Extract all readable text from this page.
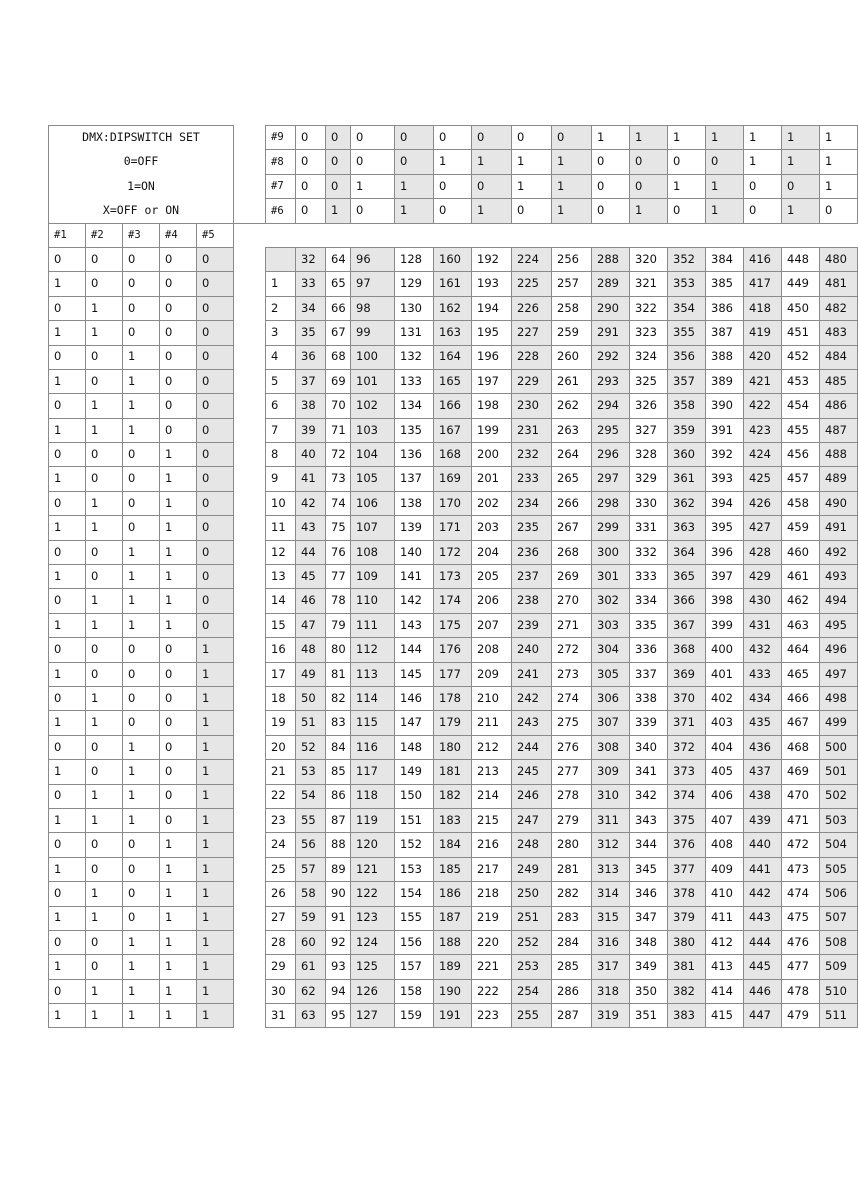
DMX:DIPSWITCH SET						#9	0	0	0	0	0	0	0	0	1	1	1	1	1	1	1	
0=OFF						#8	0	0	0	0	1	1	1	1	0	0	0	0	1	1	1	
1=ON						#7	0	0	1	1	0	0	1	1	0	0	1	1	0	0	1	
X=OFF or ON						#6	0	1	0	1	0	1	0	1	0	1	0	1	0	1	0	
#1	#2	#3	#4	#5																		
0	0	0	0	0			32	64	96	128	160	192	224	256	288	320	352	384	416	448	480	
1	0	0	0	0		1	33	65	97	129	161	193	225	257	289	321	353	385	417	449	481	
0	1	0	0	0		2	34	66	98	130	162	194	226	258	290	322	354	386	418	450	482	
1	1	0	0	0		3	35	67	99	131	163	195	227	259	291	323	355	387	419	451	483	
0	0	1	0	0		4	36	68	100	132	164	196	228	260	292	324	356	388	420	452	484	
1	0	1	0	0		5	37	69	101	133	165	197	229	261	293	325	357	389	421	453	485	
0	1	1	0	0		6	38	70	102	134	166	198	230	262	294	326	358	390	422	454	486	
1	1	1	0	0		7	39	71	103	135	167	199	231	263	295	327	359	391	423	455	487	
0	0	0	1	0		8	40	72	104	136	168	200	232	264	296	328	360	392	424	456	488	
1	0	0	1	0		9	41	73	105	137	169	201	233	265	297	329	361	393	425	457	489	
0	1	0	1	0		10	42	74	106	138	170	202	234	266	298	330	362	394	426	458	490	
1	1	0	1	0		11	43	75	107	139	171	203	235	267	299	331	363	395	427	459	491	
0	0	1	1	0		12	44	76	108	140	172	204	236	268	300	332	364	396	428	460	492	
1	0	1	1	0		13	45	77	109	141	173	205	237	269	301	333	365	397	429	461	493	
0	1	1	1	0		14	46	78	110	142	174	206	238	270	302	334	366	398	430	462	494	
1	1	1	1	0		15	47	79	111	143	175	207	239	271	303	335	367	399	431	463	495	
0	0	0	0	1		16	48	80	112	144	176	208	240	272	304	336	368	400	432	464	496	
1	0	0	0	1		17	49	81	113	145	177	209	241	273	305	337	369	401	433	465	497	
0	1	0	0	1		18	50	82	114	146	178	210	242	274	306	338	370	402	434	466	498	
1	1	0	0	1		19	51	83	115	147	179	211	243	275	307	339	371	403	435	467	499	
0	0	1	0	1		20	52	84	116	148	180	212	244	276	308	340	372	404	436	468	500	
1	0	1	0	1		21	53	85	117	149	181	213	245	277	309	341	373	405	437	469	501	
0	1	1	0	1		22	54	86	118	150	182	214	246	278	310	342	374	406	438	470	502	
1	1	1	0	1		23	55	87	119	151	183	215	247	279	311	343	375	407	439	471	503	
0	0	0	1	1		24	56	88	120	152	184	216	248	280	312	344	376	408	440	472	504	
1	0	0	1	1		25	57	89	121	153	185	217	249	281	313	345	377	409	441	473	505	
0	1	0	1	1		26	58	90	122	154	186	218	250	282	314	346	378	410	442	474	506	
1	1	0	1	1		27	59	91	123	155	187	219	251	283	315	347	379	411	443	475	507	
0	0	1	1	1		28	60	92	124	156	188	220	252	284	316	348	380	412	444	476	508	
1	0	1	1	1		29	61	93	125	157	189	221	253	285	317	349	381	413	445	477	509	
0	1	1	1	1		30	62	94	126	158	190	222	254	286	318	350	382	414	446	478	510	
1	1	1	1	1		31	63	95	127	159	191	223	255	287	319	351	383	415	447	479	511	
